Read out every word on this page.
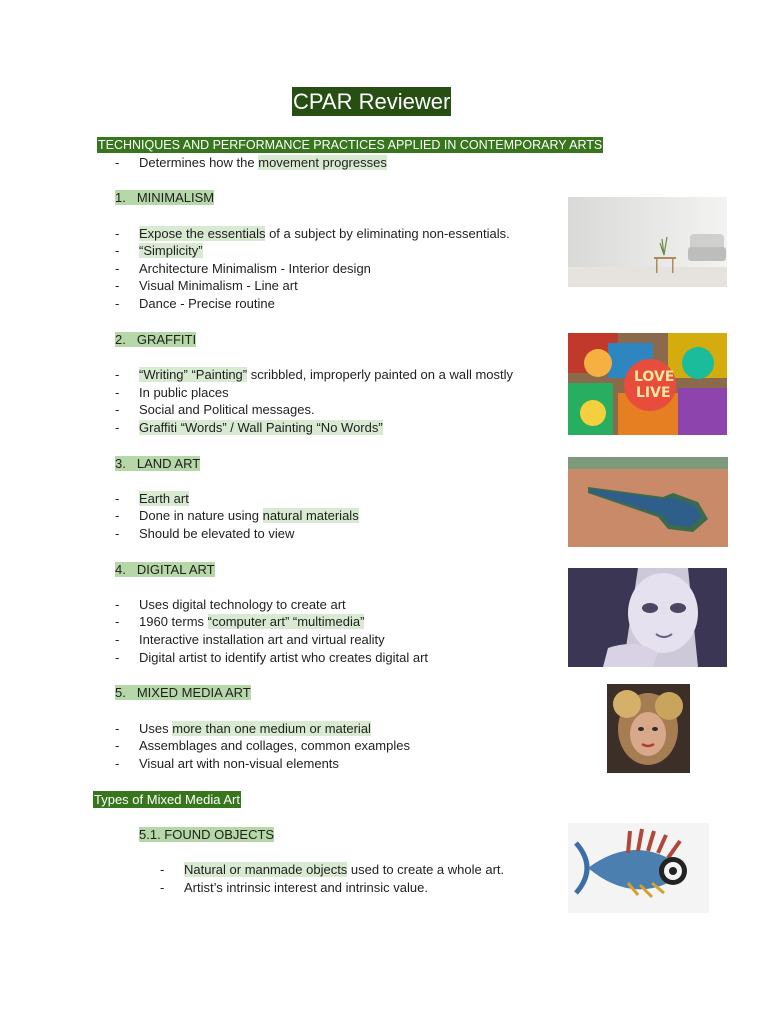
CPAR Reviewer
TECHNIQUES AND PERFORMANCE PRACTICES APPLIED IN CONTEMPORARY ARTS
- Determines how the movement progresses
1. MINIMALISM
- Expose the essentials of a subject by eliminating non-essentials.
- “Simplicity”
- Architecture Minimalism - Interior design
- Visual Minimalism - Line art
- Dance - Precise routine
2. GRAFFITI
- “Writing” “Painting” scribbled, improperly painted on a wall mostly
- In public places
- Social and Political messages.
- Graffiti “Words” / Wall Painting “No Words”
3. LAND ART
- Earth art
- Done in nature using natural materials
- Should be elevated to view
4. DIGITAL ART
- Uses digital technology to create art
- 1960 terms “computer art” “multimedia”
- Interactive installation art and virtual reality
- Digital artist to identify artist who creates digital art
5. MIXED MEDIA ART
- Uses more than one medium or material
- Assemblages and collages, common examples
- Visual art with non-visual elements
Types of Mixed Media Art
5.1. FOUND OBJECTS
- Natural or manmade objects used to create a whole art.
- Artist’s intrinsic interest and intrinsic value.
LOVE
LIVE
